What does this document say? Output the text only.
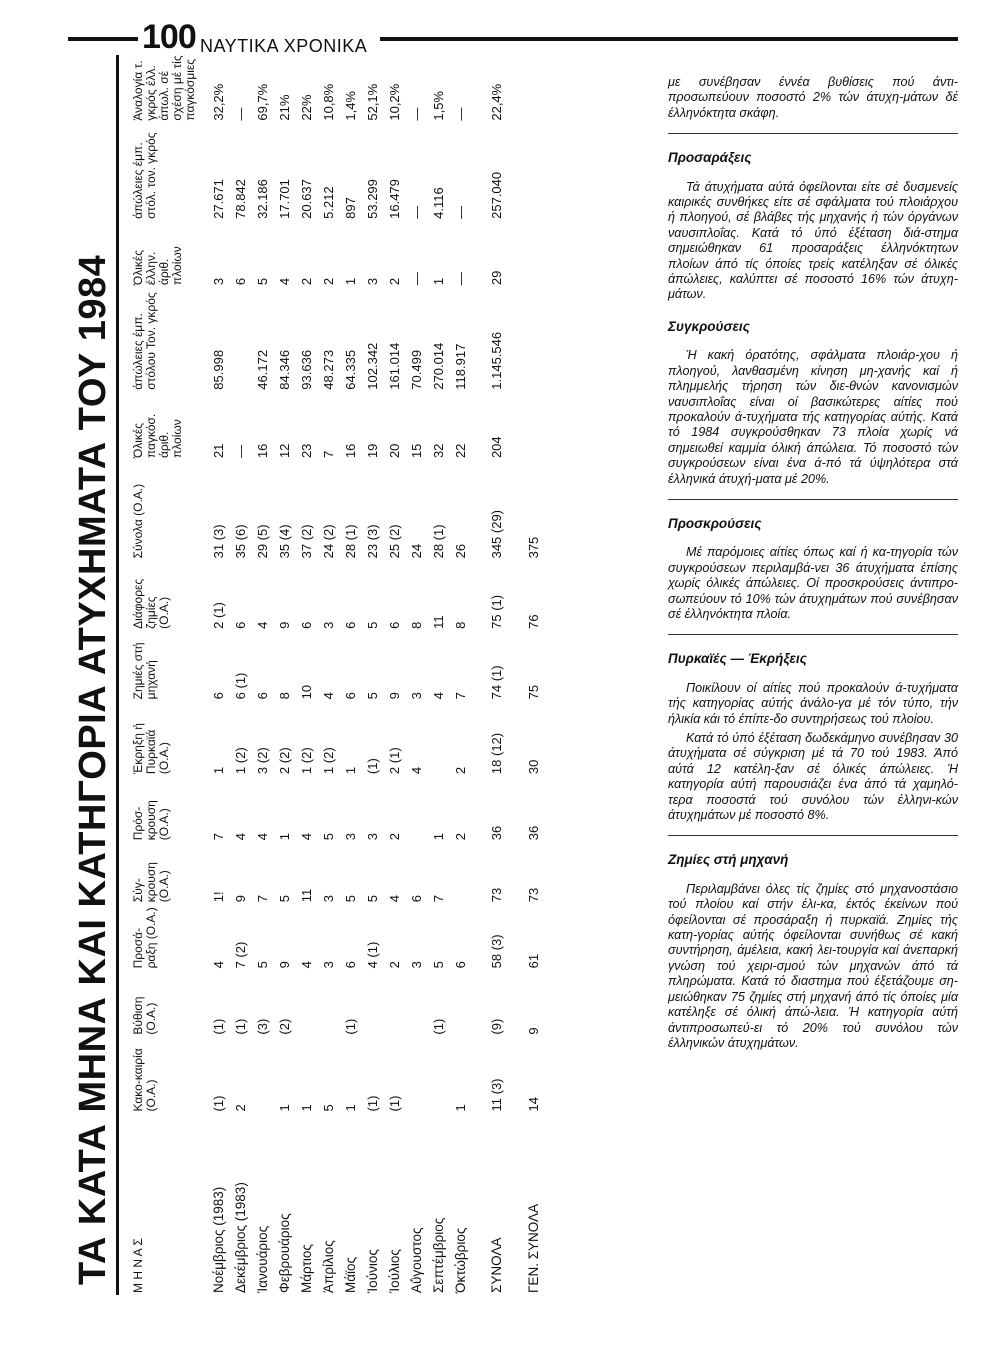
100 ΝΑΥΤΙΚΑ ΧΡΟΝΙΚΑ
ΤΑ ΚΑΤΑ ΜΗΝΑ ΚΑΙ ΚΑΤΗΓΟΡΙΑ ΑΤΥΧΗΜΑΤΑ ΤΟΥ 1984 Μ Η Ν Α Σ	Κακο-καιρία (Ο.Α.)	Βύθιση (Ο.Α.)	Προσά-ραξη (Ο.Α.)	Σύγ-κρουση (Ο.Α.)	Πρόσ-κρουση (Ο.Α.)	Έκρηξη ή Πυρκαϊά (Ο.Α.)	Ζημιές στή μηχανή	Διάφορες ζημίες (Ο.Α.)	Σύνολα (Ο.Α.)	Όλικές παγκόσ. άριθ. πλοίων	άπώλειες έμπ. στόλου Τον. γκρός	Όλικές έλλην. άριθ. πλοίων	άπώλειες έμπ. στόλ. τον. γκρός	Άναλογία τ. γκρός έλλ. άπωλ. σέ σχέση μέ τίς παγκόσμιες
Νοέμβριος (1983)	(1)	(1)	4	1!	7	1	6	2 (1)	31 (3)	21	85.998	3	27.671	32,2%
Δεκέμβριος (1983)	2	(1)	7 (2)	9	4	1 (2)	6 (1)	6	35 (6)	—		6	78.842	—
Ίανουάριος		(3)	5	7	4	3 (2)	6	4	29 (5)	16	46.172	5	32.186	69,7%
Φεβρουάριος	1	(2)	9	5	1	2 (2)	8	9	35 (4)	12	84.346	4	17.701	21%
Μάρτιος	1		4	11	4	1 (2)	10	6	37 (2)	23	93.636	2	20.637	22%
Άπρίλιος	5		3	3	5	1 (2)	4	3	24 (2)	7	48.273	2	5.212	10,8%
Μάϊος	1	(1)	6	5	3	1	6	6	28 (1)	16	64.335	1	897	1,4%
Ίούνιος	(1)		4 (1)	5	3	(1)	5	5	23 (3)	19	102.342	3	53.299	52,1%
Ίούλιος	(1)		2	4	2	2 (1)	9	6	25 (2)	20	161.014	2	16.479	10,2%
Αΰγουστος			3	6		4	3	8	24	15	70.499	—	—	—
Σεπτέμβριος		(1)	5	7	1		4	11	28 (1)	32	270.014	1	4.116	1,5%
Όκτώβριος	1		6		2	2	7	8	26	22	118.917	—	—	—

ΣΥΝΟΛΑ	11 (3)	(9)	58 (3)	73	36	18 (12)	74 (1)	75 (1)	345 (29)	204	1.145.546	29	257.040	22,4%
ΓΕΝ. ΣΥΝΟΛΑ	14	9	61	73	36	30	75	76	375					

με συνέβησαν έννέα βυθίσεις πού άντι-προσωπεύουν ποσοστό 2% τών άτυχη-μάτων δέ έλληνόκτητα σκάφη.

Προσαράξεις

Τά άτυχήματα αύτά όφείλονται είτε σέ δυσμενείς καιρικές συνθήκες είτε σέ σφάλματα τού πλοιάρχου ή πλοηγού, σέ βλάβες τής μηχανής ή τών όργάνων ναυσιπλοΐας. Κατά τό ύπό έξέταση διά-στημα σημειώθηκαν 61 προσαράξεις έλληνόκτητων πλοίων άπό τίς όποίες τρείς κατέληξαν σέ όλικές άπώλειες, καλύπτει σέ ποσοστό 16% τών άτυχη-μάτων.

Συγκρούσεις

Ή κακή όρατότης, σφάλματα πλοιάρ-χου ή πλοηγού, λανθασμένη κίνηση μη-χανής καί ή πλημμελής τήρηση τών διε-θνών κανονισμών ναυσιπλοΐας είναι οί βασικώτερες αίτίες πού προκαλούν ά-τυχήματα τής κατηγορίας αύτής. Κατά τό 1984 συγκρούσθηκαν 73 πλοία χωρίς νά σημειωθεί καμμία όλική άπώλεια. Τό ποσοστό τών συγκρούσεων είναι ένα ά-πό τά ύψηλότερα στά έλληνικά άτυχή-ματα μέ 20%.

Προσκρούσεις

Μέ παρόμοιες αίτίες όπως καί ή κα-τηγορία τών συγκρούσεων περιλαμβά-νει 36 άτυχήματα έπίσης χωρίς όλικές άπώλειες. Οί προσκρούσεις άντιπρο-σωπεύουν τό 10% τών άτυχημάτων πού συνέβησαν σέ έλληνόκτητα πλοία.

Πυρκαϊές — Έκρήξεις

Ποικίλουν οί αίτίες πού προκαλούν ά-τυχήματα τής κατηγορίας αύτής άνάλο-γα μέ τόν τύπο, τήν ήλικία κάι τό έπίπε-δο συντηρήσεως τού πλοίου.

Κατά τό ύπό έξέταση δωδεκάμηνο συνέβησαν 30 άτυχήματα σέ σύγκριση μέ τά 70 τού 1983. Άπό αύτά 12 κατέλη-ξαν σέ όλικές άπώλειες. Ή κατηγορία αύτή παρουσιάζει ένα άπό τά χαμηλό-τερα ποσοστά τού συνόλου τών έλληνι-κών άτυχημάτων μέ ποσοστό 8%.

Ζημίες στή μηχανή

Περιλαμβάνει όλες τίς ζημίες στό μηχανοστάσιο τού πλοίου καί στήν έλι-κα, έκτός έκείνων πού όφείλονται σέ προσάραξη ή πυρκαϊά. Ζημίες τής κατη-γορίας αύτής όφείλονται συνήθως σέ κακή συντήρηση, άμέλεια, κακή λει-τουργία καί άνεπαρκή γνώση τού χειρι-σμού τών μηχανών άπό τά πληρώματα. Κατά τό διαστημα πού έξετάζουμε ση-μειώθηκαν 75 ζημίες στή μηχανή άπό τίς όποίες μία κατέληξε σέ όλική άπώ-λεια. Ή κατηγορία αύτή άντιπροσωπεύ-ει τό 20% τού συνόλου τών έλληνικών άτυχημάτων.
